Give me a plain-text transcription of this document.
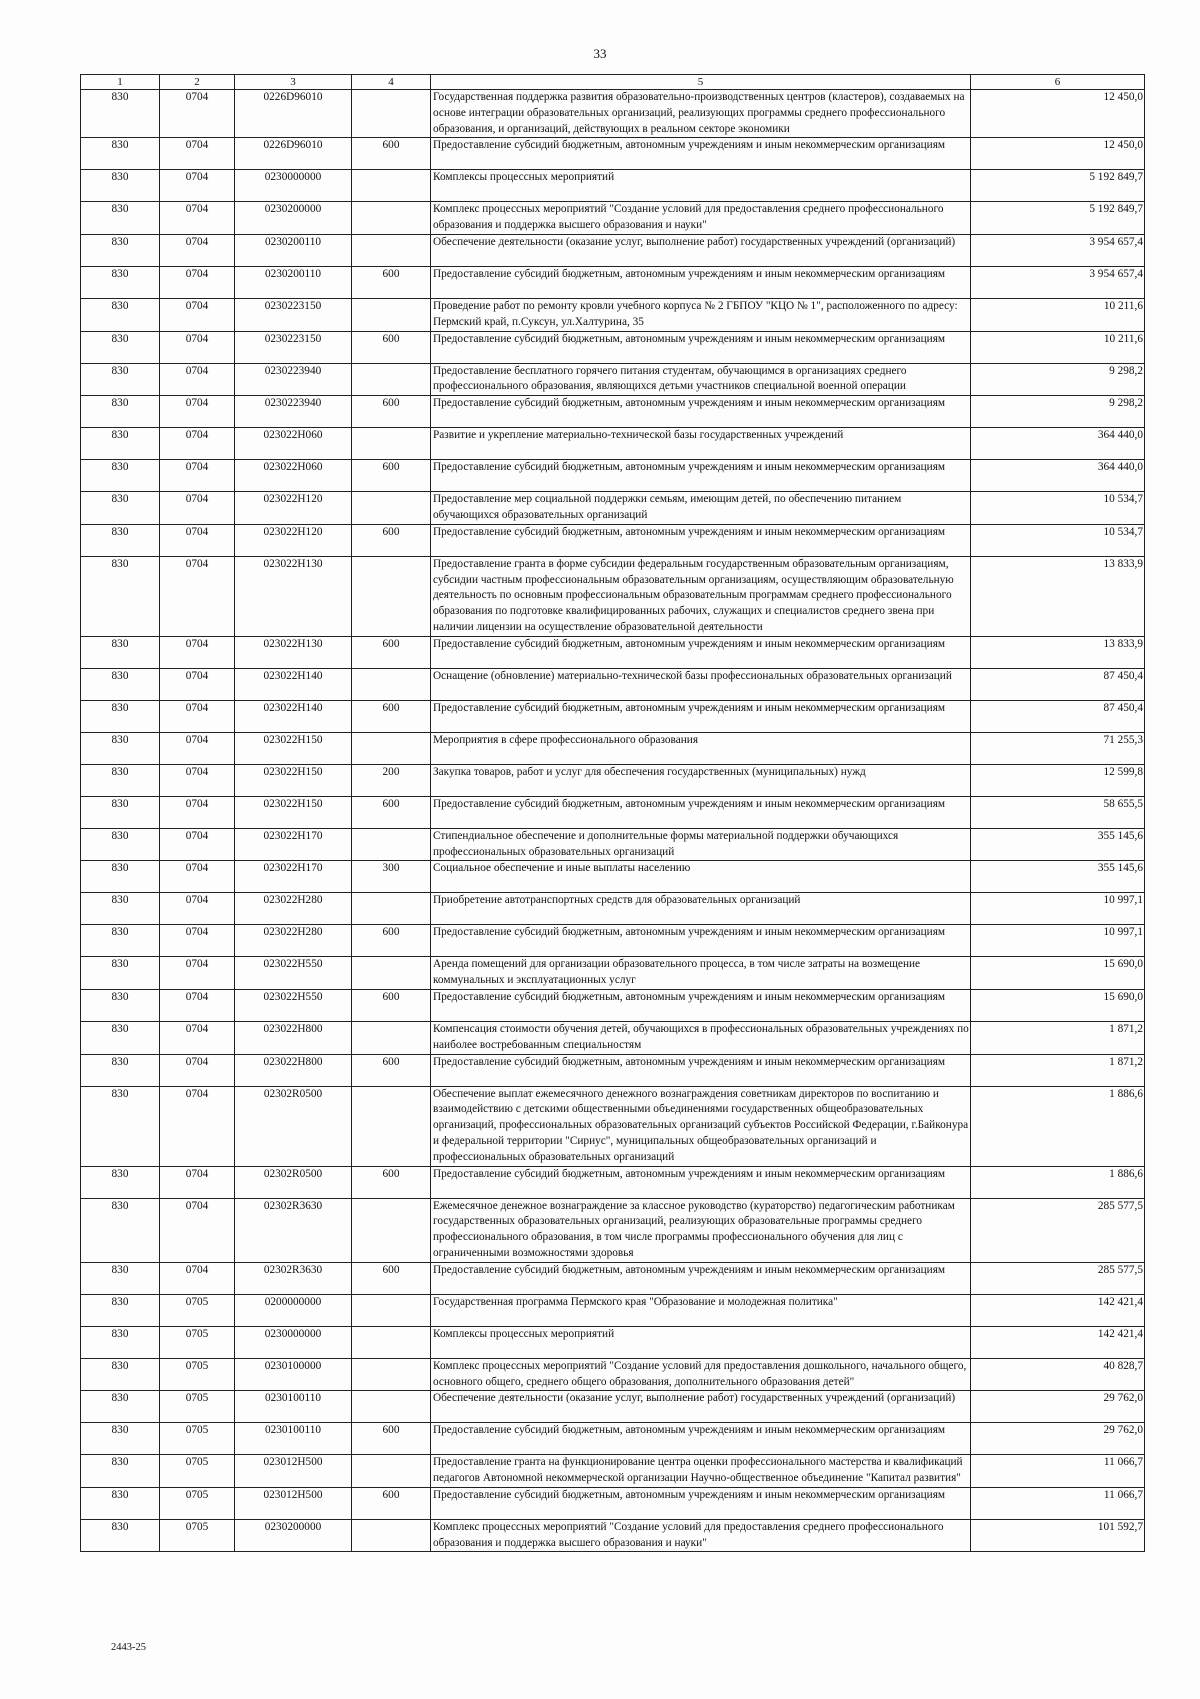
33
1	2	3	4	5	6
830	0704	0226D96010		Государственная поддержка развития образовательно-производственных центров (кластеров), создаваемых на основе интеграции образовательных организаций, реализующих программы среднего профессионального образования, и организаций, действующих в реальном секторе экономики	12 450,0
830	0704	0226D96010	600	Предоставление субсидий бюджетным, автономным учреждениям и иным некоммерческим организациям	12 450,0
830	0704	0230000000		Комплексы процессных мероприятий	5 192 849,7
830	0704	0230200000		Комплекс процессных мероприятий "Создание условий для предоставления среднего профессионального образования и поддержка высшего образования и науки"	5 192 849,7
830	0704	0230200110		Обеспечение деятельности (оказание услуг, выполнение работ) государственных учреждений (организаций)	3 954 657,4
830	0704	0230200110	600	Предоставление субсидий бюджетным, автономным учреждениям и иным некоммерческим организациям	3 954 657,4
830	0704	0230223150		Проведение работ по ремонту кровли учебного корпуса № 2 ГБПОУ "КЦО № 1", расположенного по адресу: Пермский край, п.Суксун, ул.Халтурина, 35	10 211,6
830	0704	0230223150	600	Предоставление субсидий бюджетным, автономным учреждениям и иным некоммерческим организациям	10 211,6
830	0704	0230223940		Предоставление бесплатного горячего питания студентам, обучающимся в организациях среднего профессионального образования, являющихся детьми участников специальной военной операции	9 298,2
830	0704	0230223940	600	Предоставление субсидий бюджетным, автономным учреждениям и иным некоммерческим организациям	9 298,2
830	0704	023022Н060		Развитие и укрепление материально-технической базы государственных учреждений	364 440,0
830	0704	023022Н060	600	Предоставление субсидий бюджетным, автономным учреждениям и иным некоммерческим организациям	364 440,0
830	0704	023022Н120		Предоставление мер социальной поддержки семьям, имеющим детей, по обеспечению питанием обучающихся образовательных организаций	10 534,7
830	0704	023022Н120	600	Предоставление субсидий бюджетным, автономным учреждениям и иным некоммерческим организациям	10 534,7
830	0704	023022Н130		Предоставление гранта в форме субсидии федеральным государственным образовательным организациям, субсидии частным профессиональным образовательным организациям, осуществляющим образовательную деятельность по основным профессиональным образовательным программам среднего профессионального образования по подготовке квалифицированных рабочих, служащих и специалистов среднего звена при наличии лицензии на осуществление образовательной деятельности	13 833,9
830	0704	023022Н130	600	Предоставление субсидий бюджетным, автономным учреждениям и иным некоммерческим организациям	13 833,9
830	0704	023022Н140		Оснащение (обновление) материально-технической базы профессиональных образовательных организаций	87 450,4
830	0704	023022Н140	600	Предоставление субсидий бюджетным, автономным учреждениям и иным некоммерческим организациям	87 450,4
830	0704	023022Н150		Мероприятия в сфере профессионального образования	71 255,3
830	0704	023022Н150	200	Закупка товаров, работ и услуг для обеспечения государственных (муниципальных) нужд	12 599,8
830	0704	023022Н150	600	Предоставление субсидий бюджетным, автономным учреждениям и иным некоммерческим организациям	58 655,5
830	0704	023022Н170		Стипендиальное обеспечение и дополнительные формы материальной поддержки обучающихся профессиональных образовательных организаций	355 145,6
830	0704	023022Н170	300	Социальное обеспечение и иные выплаты населению	355 145,6
830	0704	023022Н280		Приобретение автотранспортных средств для образовательных организаций	10 997,1
830	0704	023022Н280	600	Предоставление субсидий бюджетным, автономным учреждениям и иным некоммерческим организациям	10 997,1
830	0704	023022Н550		Аренда помещений для организации образовательного процесса, в том числе затраты на возмещение коммунальных и эксплуатационных услуг	15 690,0
830	0704	023022Н550	600	Предоставление субсидий бюджетным, автономным учреждениям и иным некоммерческим организациям	15 690,0
830	0704	023022Н800		Компенсация стоимости обучения детей, обучающихся в профессиональных образовательных учреждениях по наиболее востребованным специальностям	1 871,2
830	0704	023022Н800	600	Предоставление субсидий бюджетным, автономным учреждениям и иным некоммерческим организациям	1 871,2
830	0704	02302R0500		Обеспечение выплат ежемесячного денежного вознаграждения советникам директоров по воспитанию и взаимодействию с детскими общественными объединениями государственных общеобразовательных организаций, профессиональных образовательных организаций субъектов Российской Федерации, г.Байконура и федеральной территории "Сириус", муниципальных общеобразовательных организаций и профессиональных образовательных организаций	1 886,6
830	0704	02302R0500	600	Предоставление субсидий бюджетным, автономным учреждениям и иным некоммерческим организациям	1 886,6
830	0704	02302R3630		Ежемесячное денежное вознаграждение за классное руководство (кураторство) педагогическим работникам государственных образовательных организаций, реализующих образовательные программы среднего профессионального образования, в том числе программы профессионального обучения для лиц с ограниченными возможностями здоровья	285 577,5
830	0704	02302R3630	600	Предоставление субсидий бюджетным, автономным учреждениям и иным некоммерческим организациям	285 577,5
830	0705	0200000000		Государственная программа Пермского края "Образование и молодежная политика"	142 421,4
830	0705	0230000000		Комплексы процессных мероприятий	142 421,4
830	0705	0230100000		Комплекс процессных мероприятий "Создание условий для предоставления дошкольного, начального общего, основного общего, среднего общего образования, дополнительного образования детей"	40 828,7
830	0705	0230100110		Обеспечение деятельности (оказание услуг, выполнение работ) государственных учреждений (организаций)	29 762,0
830	0705	0230100110	600	Предоставление субсидий бюджетным, автономным учреждениям и иным некоммерческим организациям	29 762,0
830	0705	023012Н500		Предоставление гранта на функционирование центра оценки профессионального мастерства и квалификаций педагогов Автономной некоммерческой организации Научно-общественное объединение "Капитал развития"	11 066,7
830	0705	023012Н500	600	Предоставление субсидий бюджетным, автономным учреждениям и иным некоммерческим организациям	11 066,7
830	0705	0230200000		Комплекс процессных мероприятий "Создание условий для предоставления среднего профессионального образования и поддержка высшего образования и науки"	101 592,7
2443-25
